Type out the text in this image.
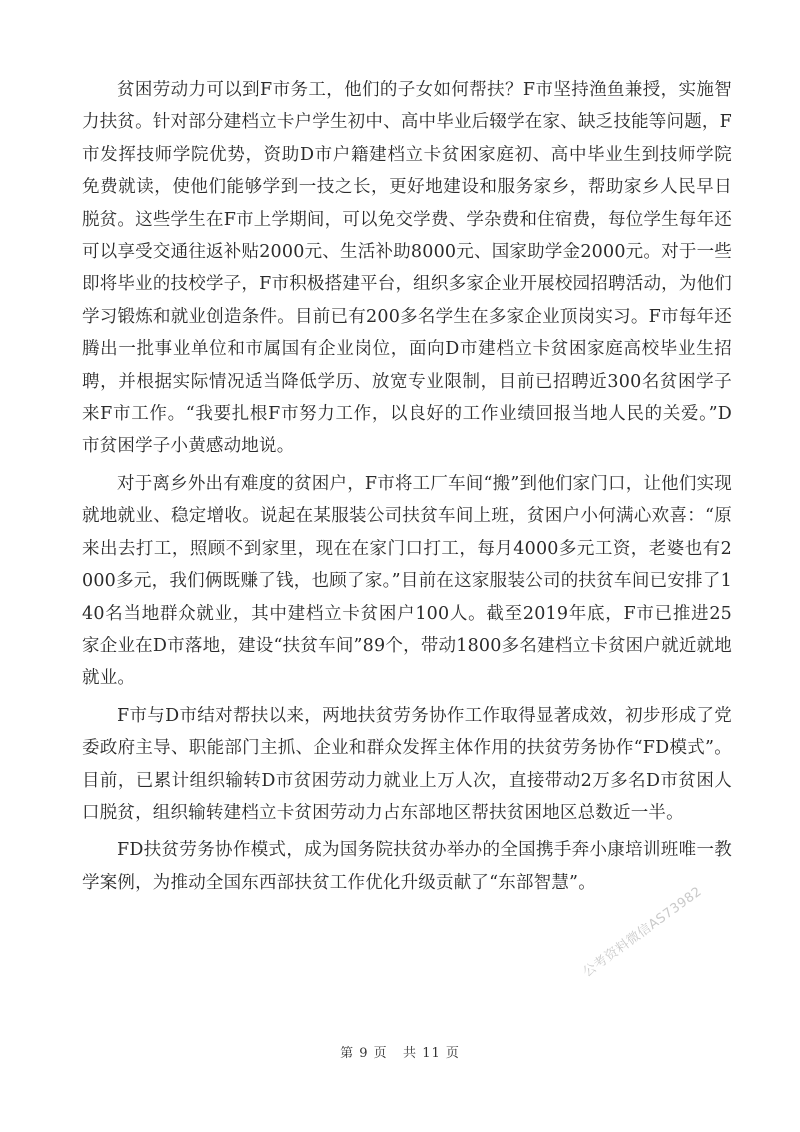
贫困劳动力可以到F市务工，他们的子女如何帮扶？F市坚持渔鱼兼授，实施智力扶贫。针对部分建档立卡户学生初中、高中毕业后辍学在家、缺乏技能等问题，F市发挥技师学院优势，资助D市户籍建档立卡贫困家庭初、高中毕业生到技师学院免费就读，使他们能够学到一技之长，更好地建设和服务家乡，帮助家乡人民早日脱贫。这些学生在F市上学期间，可以免交学费、学杂费和住宿费，每位学生每年还可以享受交通往返补贴2000元、生活补助8000元、国家助学金2000元。对于一些即将毕业的技校学子，F市积极搭建平台，组织多家企业开展校园招聘活动，为他们学习锻炼和就业创造条件。目前已有200多名学生在多家企业顶岗实习。F市每年还腾出一批事业单位和市属国有企业岗位，面向D市建档立卡贫困家庭高校毕业生招聘，并根据实际情况适当降低学历、放宽专业限制，目前已招聘近300名贫困学子来F市工作。“我要扎根F市努力工作，以良好的工作业绩回报当地人民的关爱。”D市贫困学子小黄感动地说。

对于离乡外出有难度的贫困户，F市将工厂车间“搬”到他们家门口，让他们实现就地就业、稳定增收。说起在某服装公司扶贫车间上班，贫困户小何满心欢喜：“原来出去打工，照顾不到家里，现在在家门口打工，每月4000多元工资，老婆也有2000多元，我们俩既赚了钱，也顾了家。”目前在这家服装公司的扶贫车间已安排了140名当地群众就业，其中建档立卡贫困户100人。截至2019年底，F市已推进25家企业在D市落地，建设“扶贫车间”89个，带动1800多名建档立卡贫困户就近就地就业。

F市与D市结对帮扶以来，两地扶贫劳务协作工作取得显著成效，初步形成了党委政府主导、职能部门主抓、企业和群众发挥主体作用的扶贫劳务协作“FD模式”。目前，已累计组织输转D市贫困劳动力就业上万人次，直接带动2万多名D市贫困人口脱贫，组织输转建档立卡贫困劳动力占东部地区帮扶贫困地区总数近一半。

FD扶贫劳务协作模式，成为国务院扶贫办举办的全国携手奔小康培训班唯一教学案例，为推动全国东西部扶贫工作优化升级贡献了“东部智慧”。

公考资料微信AS73982
第 9 页   共 11 页
